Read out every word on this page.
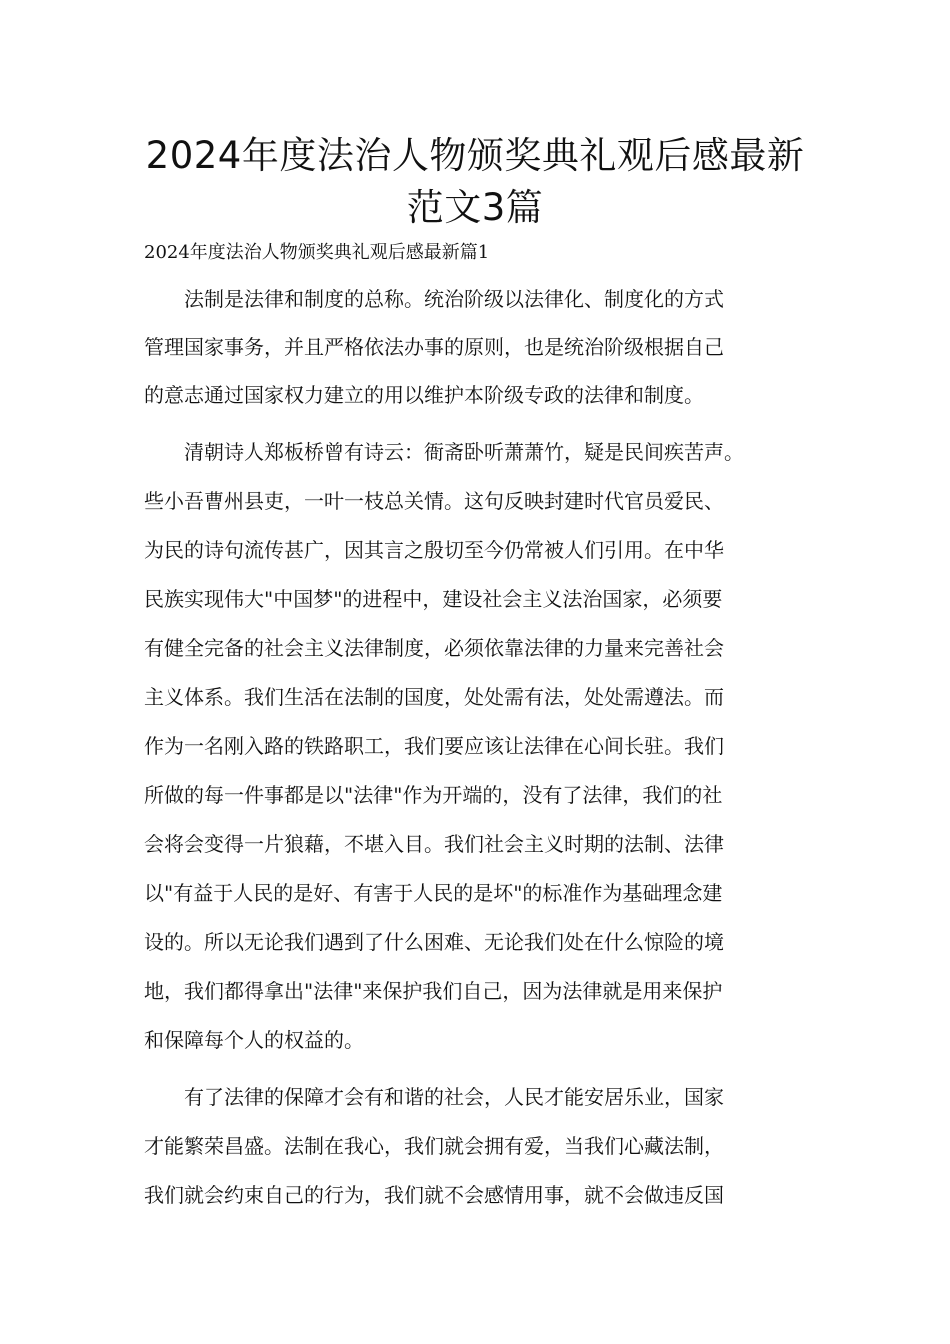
2024年度法治人物颁奖典礼观后感最新
范文3篇
2024年度法治人物颁奖典礼观后感最新篇1
　　法制是法律和制度的总称。统治阶级以法律化、制度化的方式
管理国家事务，并且严格依法办事的原则，也是统治阶级根据自己
的意志通过国家权力建立的用以维护本阶级专政的法律和制度。
　　清朝诗人郑板桥曾有诗云：衙斋卧听萧萧竹，疑是民间疾苦声。
些小吾曹州县吏，一叶一枝总关情。这句反映封建时代官员爱民、
为民的诗句流传甚广，因其言之殷切至今仍常被人们引用。在中华
民族实现伟大"中国梦"的进程中，建设社会主义法治国家，必须要
有健全完备的社会主义法律制度，必须依靠法律的力量来完善社会
主义体系。我们生活在法制的国度，处处需有法，处处需遵法。而
作为一名刚入路的铁路职工，我们要应该让法律在心间长驻。我们
所做的每一件事都是以"法律"作为开端的，没有了法律，我们的社
会将会变得一片狼藉，不堪入目。我们社会主义时期的法制、法律
以"有益于人民的是好、有害于人民的是坏"的标准作为基础理念建
设的。所以无论我们遇到了什么困难、无论我们处在什么惊险的境
地，我们都得拿出"法律"来保护我们自己，因为法律就是用来保护
和保障每个人的权益的。
　　有了法律的保障才会有和谐的社会，人民才能安居乐业，国家
才能繁荣昌盛。法制在我心，我们就会拥有爱，当我们心藏法制，
我们就会约束自己的行为，我们就不会感情用事，就不会做违反国
